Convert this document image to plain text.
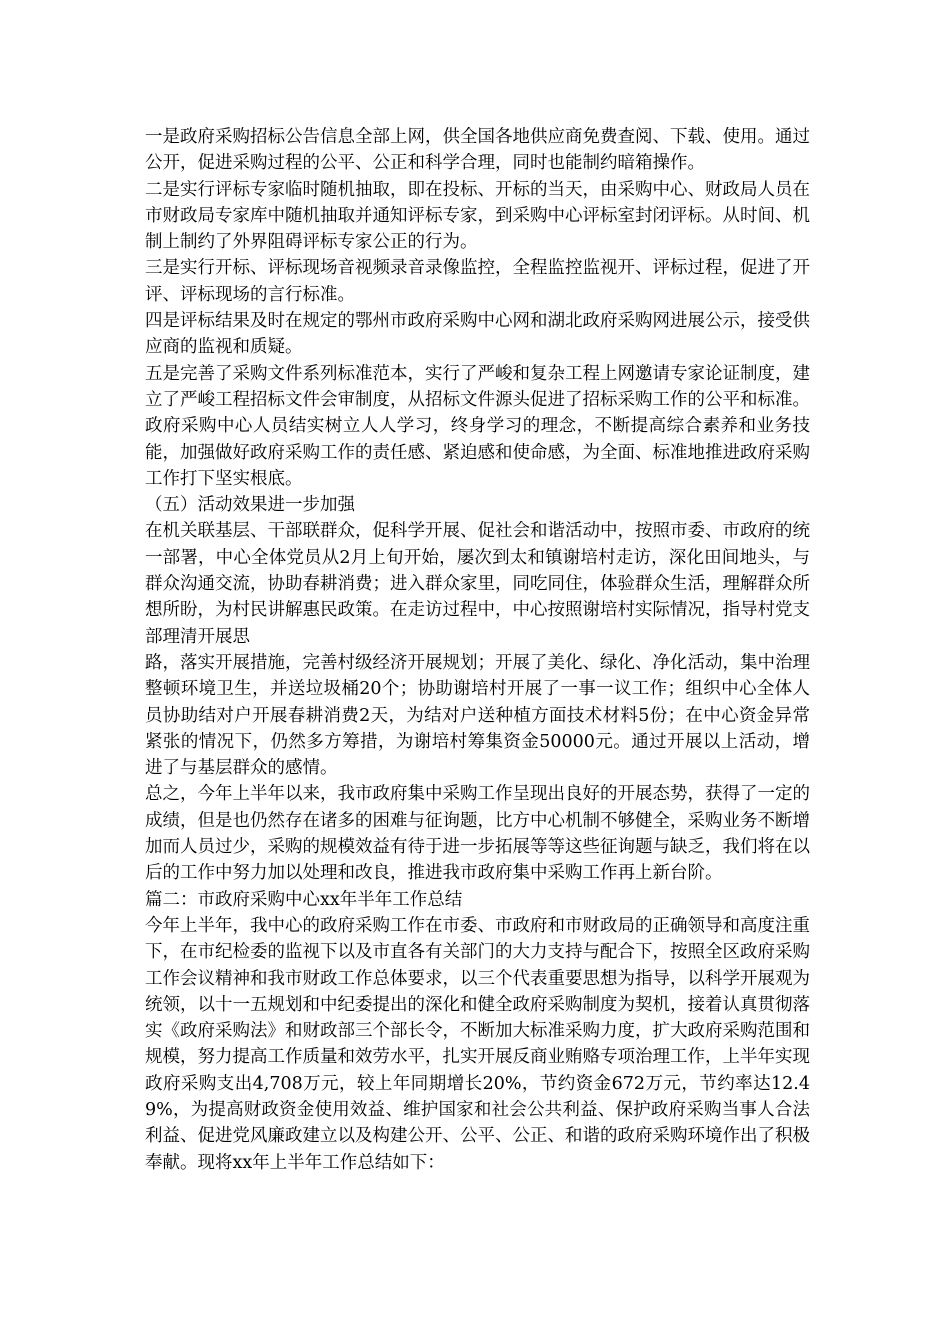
一是政府采购招标公告信息全部上网，供全国各地供应商免费查阅、下载、使用。通过公开，促进采购过程的公平、公正和科学合理，同时也能制约暗箱操作。

二是实行评标专家临时随机抽取，即在投标、开标的当天，由采购中心、财政局人员在市财政局专家库中随机抽取并通知评标专家，到采购中心评标室封闭评标。从时间、机制上制约了外界阻碍评标专家公正的行为。

三是实行开标、评标现场音视频录音录像监控，全程监控监视开、评标过程，促进了开评、评标现场的言行标准。

四是评标结果及时在规定的鄂州市政府采购中心网和湖北政府采购网进展公示，接受供应商的监视和质疑。

五是完善了采购文件系列标准范本，实行了严峻和复杂工程上网邀请专家论证制度，建立了严峻工程招标文件会审制度，从招标文件源头促进了招标采购工作的公平和标准。

政府采购中心人员结实树立人人学习，终身学习的理念，不断提高综合素养和业务技能，加强做好政府采购工作的责任感、紧迫感和使命感，为全面、标准地推进政府采购工作打下坚实根底。

（五）活动效果进一步加强

在机关联基层、干部联群众，促科学开展、促社会和谐活动中，按照市委、市政府的统一部署，中心全体党员从2月上旬开始，屡次到太和镇谢培村走访，深化田间地头，与群众沟通交流，协助春耕消费；进入群众家里，同吃同住，体验群众生活，理解群众所想所盼，为村民讲解惠民政策。在走访过程中，中心按照谢培村实际情况，指导村党支部理清开展思

路，落实开展措施，完善村级经济开展规划；开展了美化、绿化、净化活动，集中治理整顿环境卫生，并送垃圾桶20个；协助谢培村开展了一事一议工作；组织中心全体人员协助结对户开展春耕消费2天，为结对户送种植方面技术材料5份；在中心资金异常紧张的情况下，仍然多方筹措，为谢培村筹集资金50000元。通过开展以上活动，增进了与基层群众的感情。

总之，今年上半年以来，我市政府集中采购工作呈现出良好的开展态势，获得了一定的成绩，但是也仍然存在诸多的困难与征询题，比方中心机制不够健全，采购业务不断增加而人员过少，采购的规模效益有待于进一步拓展等等这些征询题与缺乏，我们将在以后的工作中努力加以处理和改良，推进我市政府集中采购工作再上新台阶。

篇二：市政府采购中心xx年半年工作总结

今年上半年，我中心的政府采购工作在市委、市政府和市财政局的正确领导和高度注重下，在市纪检委的监视下以及市直各有关部门的大力支持与配合下，按照全区政府采购工作会议精神和我市财政工作总体要求，以三个代表重要思想为指导，以科学开展观为统领，以十一五规划和中纪委提出的深化和健全政府采购制度为契机，接着认真贯彻落实《政府采购法》和财政部三个部长令，不断加大标准采购力度，扩大政府采购范围和规模，努力提高工作质量和效劳水平，扎实开展反商业贿赂专项治理工作，上半年实现政府采购支出4,708万元，较上年同期增长20%，节约资金672万元，节约率达12.49%，为提高财政资金使用效益、维护国家和社会公共利益、保护政府采购当事人合法利益、促进党风廉政建立以及构建公开、公平、公正、和谐的政府采购环境作出了积极奉献。现将xx年上半年工作总结如下：
